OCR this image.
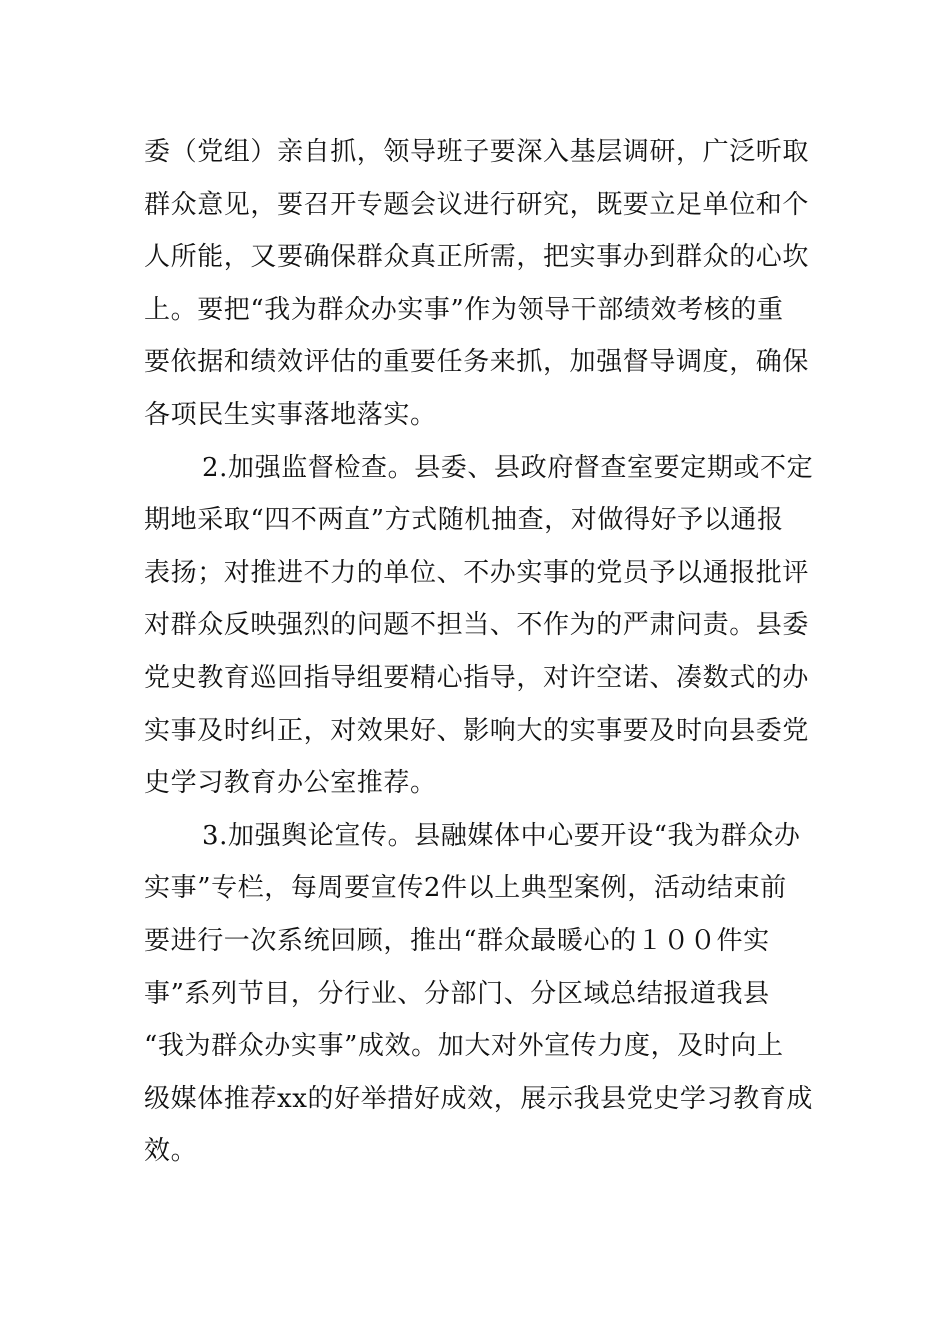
委（党组）亲自抓，领导班子要深入基层调研，广泛听取
群众意见，要召开专题会议进行研究，既要立足单位和个
人所能，又要确保群众真正所需，把实事办到群众的心坎
上。要把“我为群众办实事”作为领导干部绩效考核的重
要依据和绩效评估的重要任务来抓，加强督导调度，确保
各项民生实事落地落实。
2.加强监督检查。县委、县政府督查室要定期或不定
期地采取“四不两直”方式随机抽查，对做得好予以通报
表扬；对推进不力的单位、不办实事的党员予以通报批评
对群众反映强烈的问题不担当、不作为的严肃问责。县委
党史教育巡回指导组要精心指导，对许空诺、凑数式的办
实事及时纠正，对效果好、影响大的实事要及时向县委党
史学习教育办公室推荐。
3.加强舆论宣传。县融媒体中心要开设“我为群众办
实事”专栏，每周要宣传2件以上典型案例，活动结束前
要进行一次系统回顾，推出“群众最暖心的１００件实
事”系列节目，分行业、分部门、分区域总结报道我县
“我为群众办实事”成效。加大对外宣传力度，及时向上
级媒体推荐xx的好举措好成效，展示我县党史学习教育成
效。
